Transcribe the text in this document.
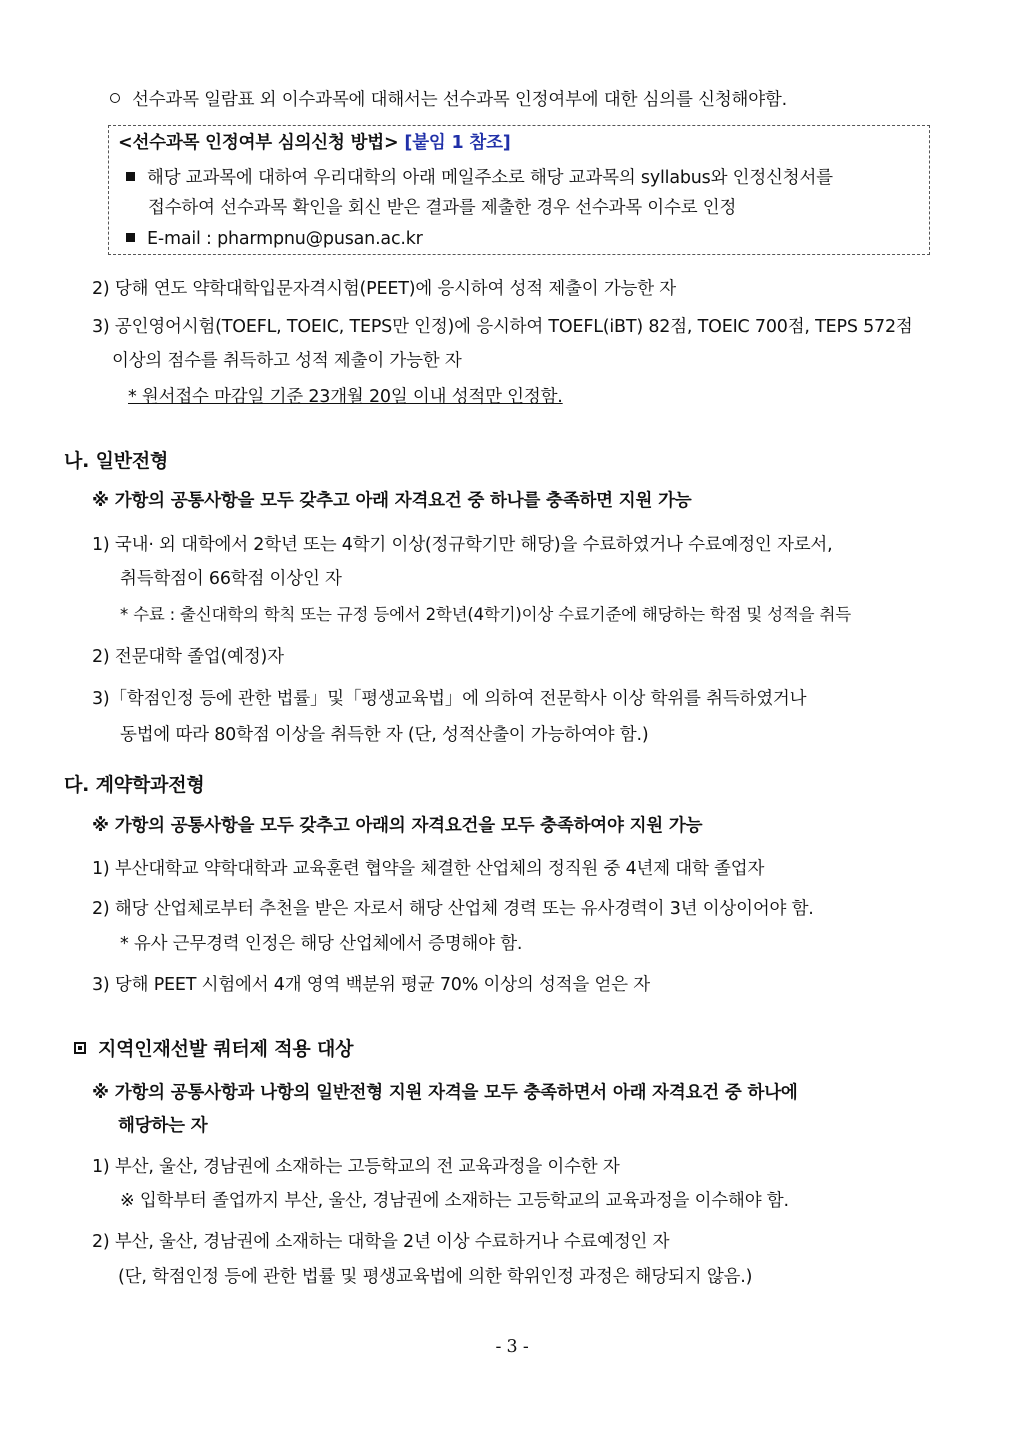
선수과목 일람표 외 이수과목에 대해서는 선수과목 인정여부에 대한 심의를 신청해야함.
<선수과목 인정여부 심의신청 방법> [붙임 1 참조]
해당 교과목에 대하여 우리대학의 아래 메일주소로 해당 교과목의 syllabus와 인정신청서를
접수하여 선수과목 확인을 회신 받은 결과를 제출한 경우 선수과목 이수로 인정
E-mail : pharmpnu@pusan.ac.kr
2) 당해 연도 약학대학입문자격시험(PEET)에 응시하여 성적 제출이 가능한 자
3) 공인영어시험(TOEFL, TOEIC, TEPS만 인정)에 응시하여 TOEFL(iBT) 82점, TOEIC 700점, TEPS 572점
이상의 점수를 취득하고 성적 제출이 가능한 자
* 원서접수 마감일 기준 23개월 20일 이내 성적만 인정함.
나. 일반전형
※ 가항의 공통사항을 모두 갖추고 아래 자격요건 중 하나를 충족하면 지원 가능
1) 국내· 외 대학에서 2학년 또는 4학기 이상(정규학기만 해당)을 수료하였거나 수료예정인 자로서,
취득학점이 66학점 이상인 자
* 수료 : 출신대학의 학칙 또는 규정 등에서 2학년(4학기)이상 수료기준에 해당하는 학점 및 성적을 취득
2) 전문대학 졸업(예정)자
3)「학점인정 등에 관한 법률」및「평생교육법」에 의하여 전문학사 이상 학위를 취득하였거나
동법에 따라 80학점 이상을 취득한 자 (단, 성적산출이 가능하여야 함.)
다. 계약학과전형
※ 가항의 공통사항을 모두 갖추고 아래의 자격요건을 모두 충족하여야 지원 가능
1) 부산대학교 약학대학과 교육훈련 협약을 체결한 산업체의 정직원 중 4년제 대학 졸업자
2) 해당 산업체로부터 추천을 받은 자로서 해당 산업체 경력 또는 유사경력이 3년 이상이어야 함.
* 유사 근무경력 인정은 해당 산업체에서 증명해야 함.
3) 당해 PEET 시험에서 4개 영역 백분위 평균 70% 이상의 성적을 얻은 자
지역인재선발 쿼터제 적용 대상
※ 가항의 공통사항과 나항의 일반전형 지원 자격을 모두 충족하면서 아래 자격요건 중 하나에
해당하는 자
1) 부산, 울산, 경남권에 소재하는 고등학교의 전 교육과정을 이수한 자
※ 입학부터 졸업까지 부산, 울산, 경남권에 소재하는 고등학교의 교육과정을 이수해야 함.
2) 부산, 울산, 경남권에 소재하는 대학을 2년 이상 수료하거나 수료예정인 자
(단, 학점인정 등에 관한 법률 및 평생교육법에 의한 학위인정 과정은 해당되지 않음.)
- 3 -
